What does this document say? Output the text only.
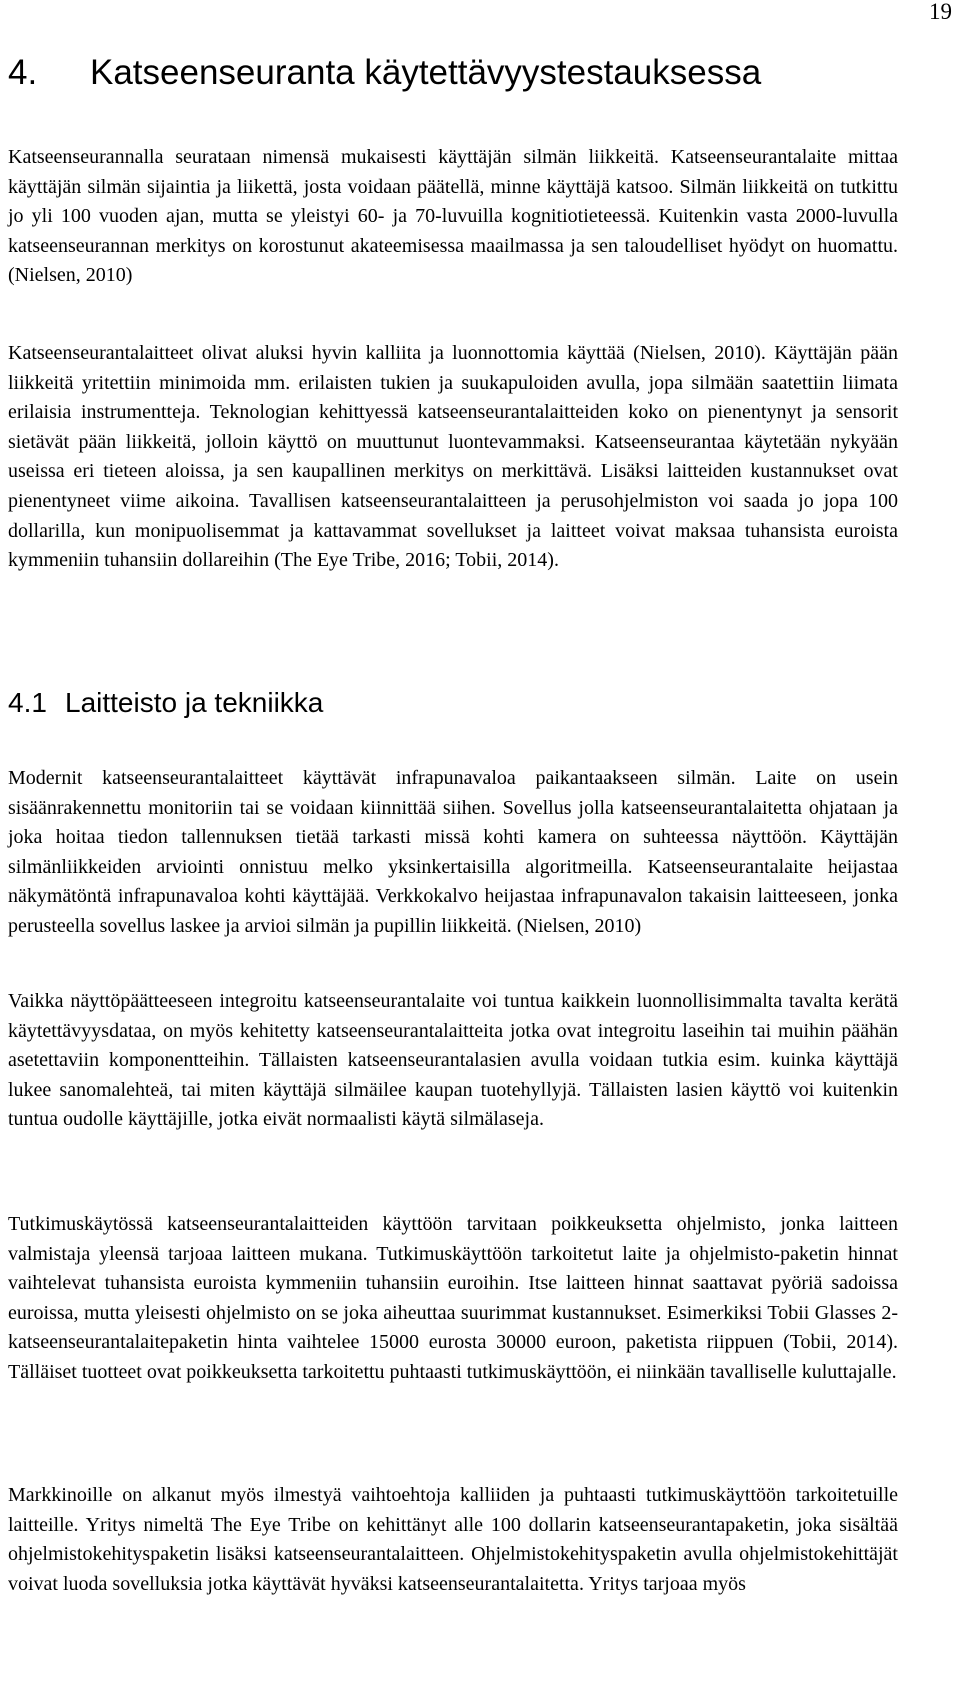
19
4. Katseenseuranta käytettävyystestauksessa

Katseenseurannalla seurataan nimensä mukaisesti käyttäjän silmän liikkeitä. Katseenseurantalaite mittaa käyttäjän silmän sijaintia ja liikettä, josta voidaan päätellä, minne käyttäjä katsoo. Silmän liikkeitä on tutkittu jo yli 100 vuoden ajan, mutta se yleistyi 60- ja 70-luvuilla kognitiotieteessä. Kuitenkin vasta 2000-luvulla katseenseurannan merkitys on korostunut akateemisessa maailmassa ja sen taloudelliset hyödyt on huomattu. (Nielsen, 2010)

Katseenseurantalaitteet olivat aluksi hyvin kalliita ja luonnottomia käyttää (Nielsen, 2010). Käyttäjän pään liikkeitä yritettiin minimoida mm. erilaisten tukien ja suukapuloiden avulla, jopa silmään saatettiin liimata erilaisia instrumentteja. Teknologian kehittyessä katseenseurantalaitteiden koko on pienentynyt ja sensorit sietävät pään liikkeitä, jolloin käyttö on muuttunut luontevammaksi. Katseenseurantaa käytetään nykyään useissa eri tieteen aloissa, ja sen kaupallinen merkitys on merkittävä. Lisäksi laitteiden kustannukset ovat pienentyneet viime aikoina. Tavallisen katseenseurantalaitteen ja perusohjelmiston voi saada jo jopa 100 dollarilla, kun monipuolisemmat ja kattavammat sovellukset ja laitteet voivat maksaa tuhansista euroista kymmeniin tuhansiin dollareihin (The Eye Tribe, 2016; Tobii, 2014).

4.1 Laitteisto ja tekniikka

Modernit katseenseurantalaitteet käyttävät infrapunavaloa paikantaakseen silmän. Laite on usein sisäänrakennettu monitoriin tai se voidaan kiinnittää siihen. Sovellus jolla katseenseurantalaitetta ohjataan ja joka hoitaa tiedon tallennuksen tietää tarkasti missä kohti kamera on suhteessa näyttöön. Käyttäjän silmänliikkeiden arviointi onnistuu melko yksinkertaisilla algoritmeilla. Katseenseurantalaite heijastaa näkymätöntä infrapunavaloa kohti käyttäjää. Verkkokalvo heijastaa infrapunavalon takaisin laitteeseen, jonka perusteella sovellus laskee ja arvioi silmän ja pupillin liikkeitä. (Nielsen, 2010)

Vaikka näyttöpäätteeseen integroitu katseenseurantalaite voi tuntua kaikkein luonnollisimmalta tavalta kerätä käytettävyysdataa, on myös kehitetty katseenseurantalaitteita jotka ovat integroitu laseihin tai muihin päähän asetettaviin komponentteihin. Tällaisten katseenseurantalasien avulla voidaan tutkia esim. kuinka käyttäjä lukee sanomalehteä, tai miten käyttäjä silmäilee kaupan tuotehyllyjä. Tällaisten lasien käyttö voi kuitenkin tuntua oudolle käyttäjille, jotka eivät normaalisti käytä silmälaseja.

Tutkimuskäytössä katseenseurantalaitteiden käyttöön tarvitaan poikkeuksetta ohjelmisto, jonka laitteen valmistaja yleensä tarjoaa laitteen mukana. Tutkimuskäyttöön tarkoitetut laite ja ohjelmisto-paketin hinnat vaihtelevat tuhansista euroista kymmeniin tuhansiin euroihin. Itse laitteen hinnat saattavat pyöriä sadoissa euroissa, mutta yleisesti ohjelmisto on se joka aiheuttaa suurimmat kustannukset. Esimerkiksi Tobii Glasses 2-katseenseurantalaitepaketin hinta vaihtelee 15000 eurosta 30000 euroon, paketista riippuen (Tobii, 2014). Tälläiset tuotteet ovat poikkeuksetta tarkoitettu puhtaasti tutkimuskäyttöön, ei niinkään tavalliselle kuluttajalle.

Markkinoille on alkanut myös ilmestyä vaihtoehtoja kalliiden ja puhtaasti tutkimuskäyttöön tarkoitetuille laitteille. Yritys nimeltä The Eye Tribe on kehittänyt alle 100 dollarin katseenseurantapaketin, joka sisältää ohjelmistokehityspaketin lisäksi katseenseurantalaitteen. Ohjelmistokehityspaketin avulla ohjelmistokehittäjät voivat luoda sovelluksia jotka käyttävät hyväksi katseenseurantalaitetta. Yritys tarjoaa myös
